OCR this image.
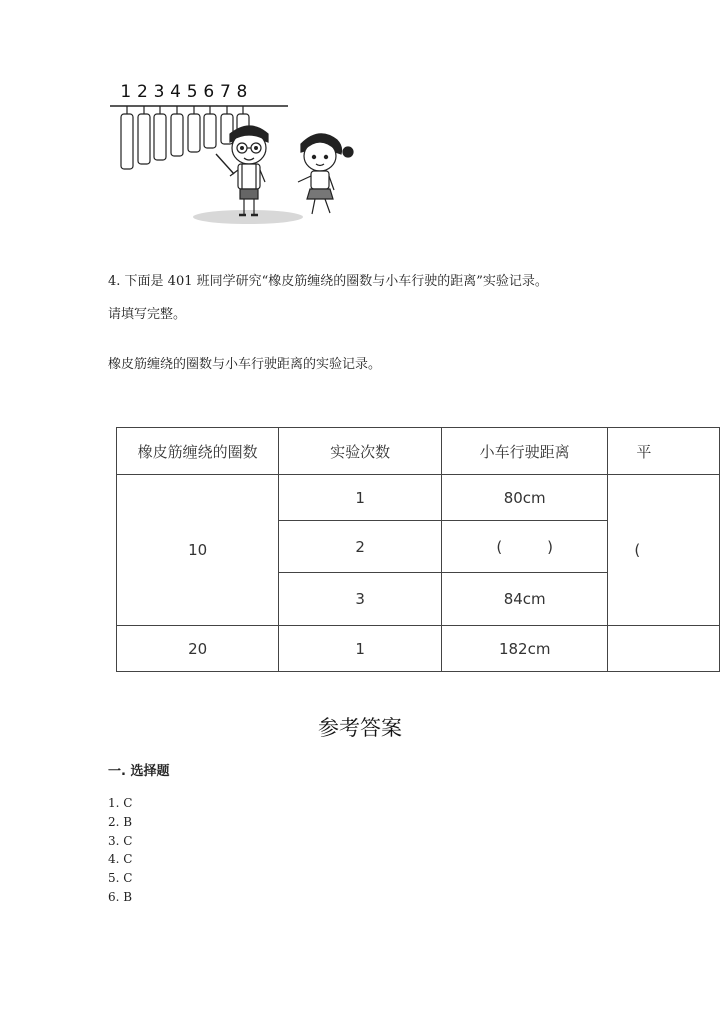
1 2 3 4 5 6 7 8
4. 下面是 401 班同学研究“橡皮筋缠绕的圈数与小车行驶的距离”实验记录。
请填写完整。
橡皮筋缠绕的圈数与小车行驶距离的实验记录。
橡皮筋缠绕的圈数	实验次数	小车行驶距离	平
10	1	80cm	(
	2	(　　　)	
	3	84cm	
20	1	182cm	
参考答案
一. 选择题
1. C
2. B
3. C
4. C
5. C
6. B
